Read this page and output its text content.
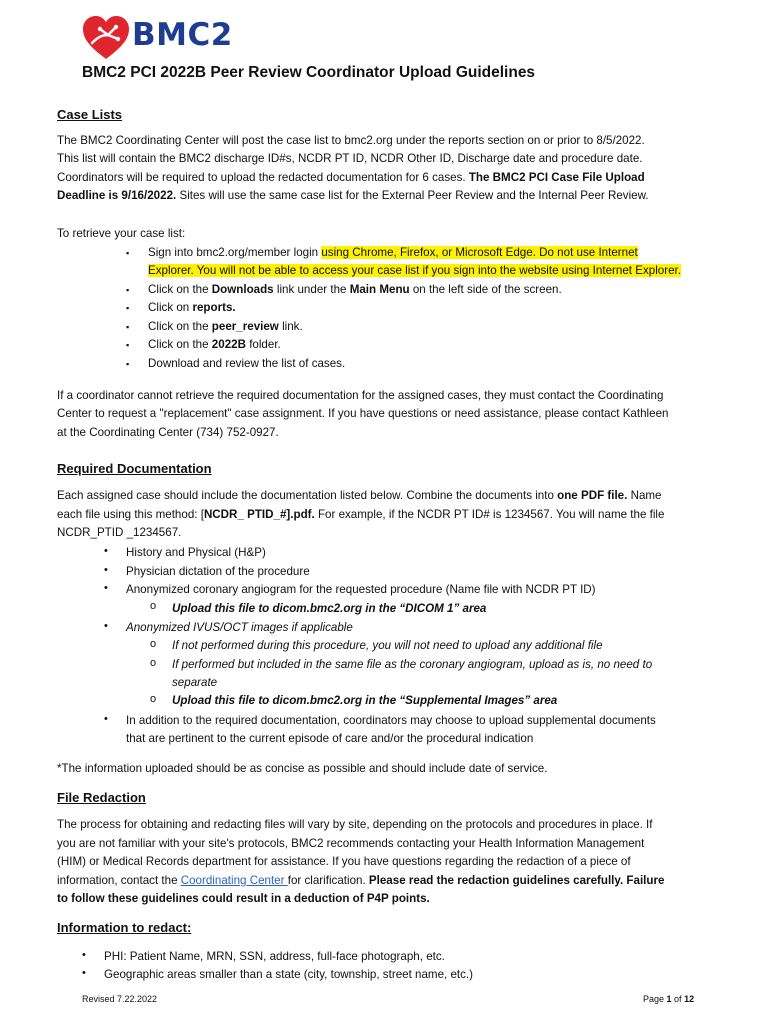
BMC2
BMC2 PCI 2022B Peer Review Coordinator Upload Guidelines
Case Lists
The BMC2 Coordinating Center will post the case list to bmc2.org under the reports section on or prior to 8/5/2022.
This list will contain the BMC2 discharge ID#s, NCDR PT ID, NCDR Other ID, Discharge date and procedure date.
Coordinators will be required to upload the redacted documentation for 6 cases. The BMC2 PCI Case File Upload
Deadline is 9/16/2022. Sites will use the same case list for the External Peer Review and the Internal Peer Review.
To retrieve your case list:
▪ Sign into bmc2.org/member login using Chrome, Firefox, or Microsoft Edge. Do not use Internet
Explorer. You will not be able to access your case list if you sign into the website using Internet Explorer.
▪ Click on the Downloads link under the Main Menu on the left side of the screen.
▪ Click on reports.
▪ Click on the peer_review link.
▪ Click on the 2022B folder.
▪ Download and review the list of cases.
If a coordinator cannot retrieve the required documentation for the assigned cases, they must contact the Coordinating
Center to request a "replacement" case assignment. If you have questions or need assistance, please contact Kathleen
at the Coordinating Center (734) 752-0927.
Required Documentation
Each assigned case should include the documentation listed below. Combine the documents into one PDF file. Name
each file using this method: [NCDR_ PTID_#].pdf. For example, if the NCDR PT ID# is 1234567. You will name the file
NCDR_PTID _1234567.
• History and Physical (H&P)
• Physician dictation of the procedure
• Anonymized coronary angiogram for the requested procedure (Name file with NCDR PT ID)
o Upload this file to dicom.bmc2.org in the “DICOM 1” area
• Anonymized IVUS/OCT images if applicable
o If not performed during this procedure, you will not need to upload any additional file
o If performed but included in the same file as the coronary angiogram, upload as is, no need to
separate
o Upload this file to dicom.bmc2.org in the “Supplemental Images” area
• In addition to the required documentation, coordinators may choose to upload supplemental documents
that are pertinent to the current episode of care and/or the procedural indication
*The information uploaded should be as concise as possible and should include date of service.
File Redaction
The process for obtaining and redacting files will vary by site, depending on the protocols and procedures in place. If
you are not familiar with your site's protocols, BMC2 recommends contacting your Health Information Management
(HIM) or Medical Records department for assistance. If you have questions regarding the redaction of a piece of
information, contact the Coordinating Center for clarification. Please read the redaction guidelines carefully. Failure
to follow these guidelines could result in a deduction of P4P points.
Information to redact:
• PHI: Patient Name, MRN, SSN, address, full-face photograph, etc.
• Geographic areas smaller than a state (city, township, street name, etc.)
Revised 7.22.2022	Page 1 of 12
